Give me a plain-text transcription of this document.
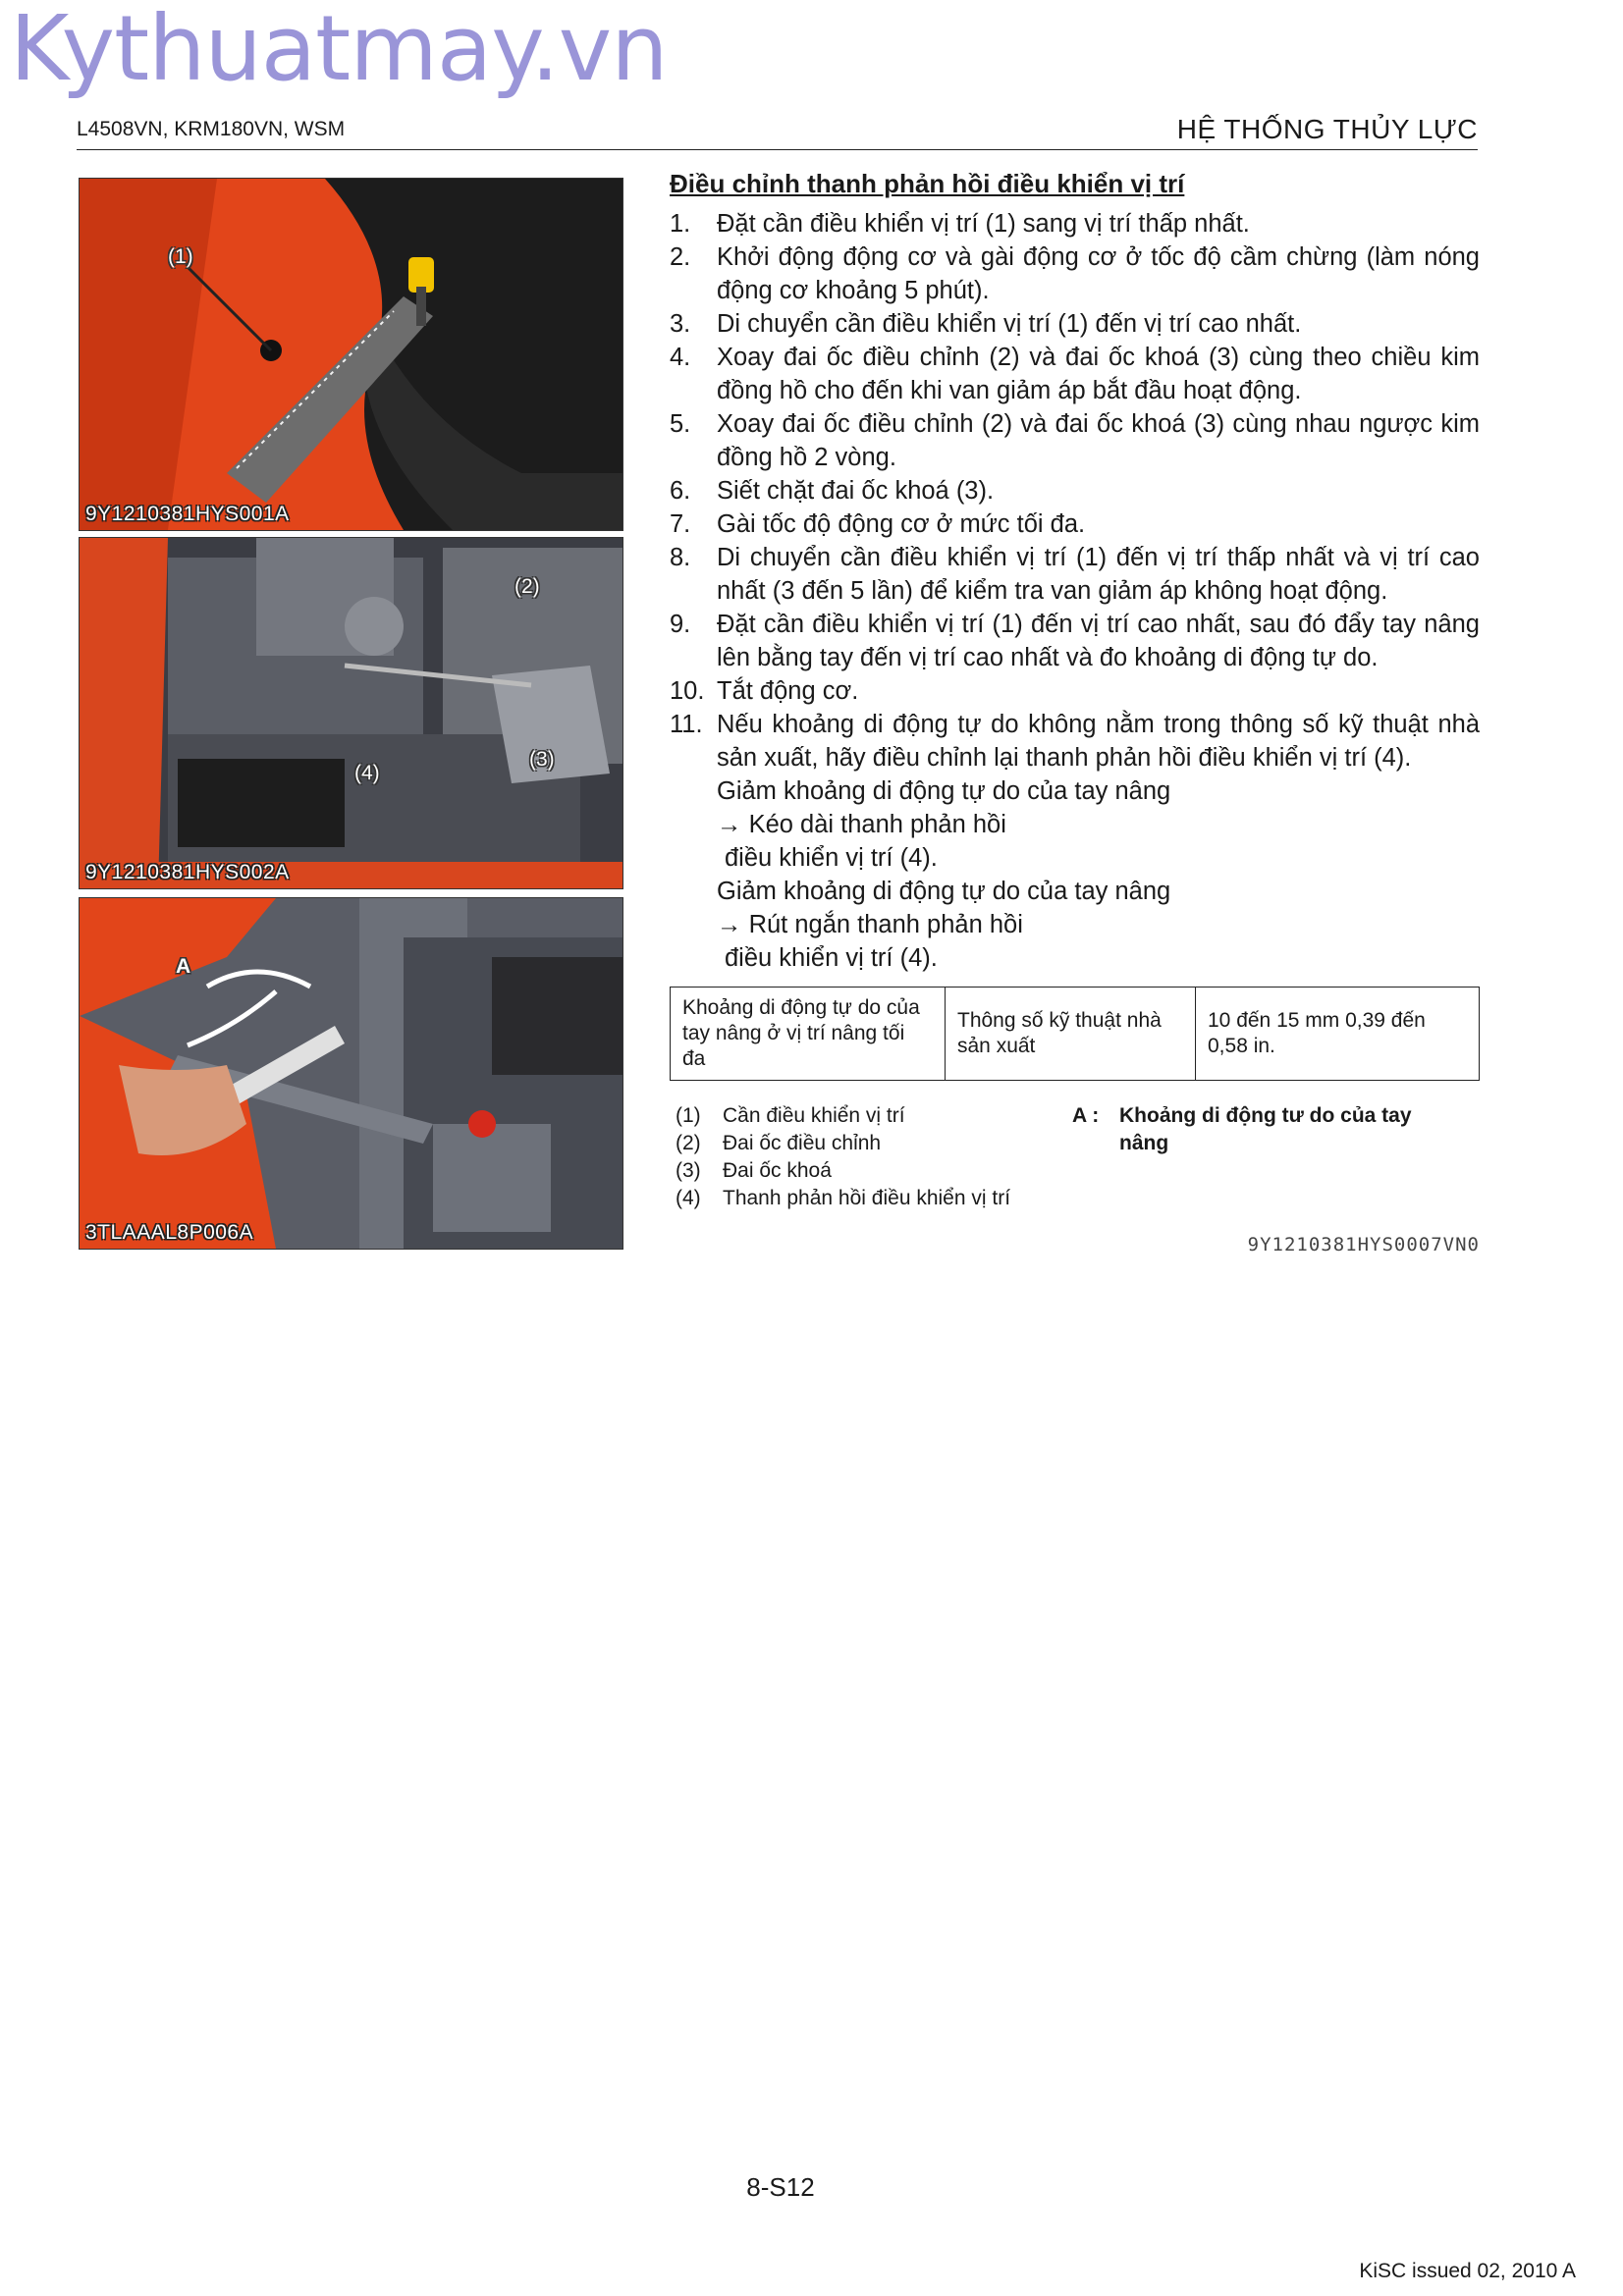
Kythuatmay.vn
L4508VN, KRM180VN, WSM	HỆ THỐNG THỦY LỰC
(1)
9Y1210381HYS001A
(2)
(3)
(4)
9Y1210381HYS002A
A
3TLAAAL8P006A
Điều chỉnh thanh phản hồi điều khiển vị trí
1.	Đặt cần điều khiển vị trí (1) sang vị trí thấp nhất.
2.	Khởi động động cơ và gài động cơ ở tốc độ cầm chừng (làm nóng động cơ khoảng 5 phút).
3.	Di chuyển cần điều khiển vị trí (1) đến vị trí cao nhất.
4.	Xoay đai ốc điều chỉnh (2) và đai ốc khoá (3) cùng theo chiều kim đồng hồ cho đến khi van giảm áp bắt đầu hoạt động.
5.	Xoay đai ốc điều chỉnh (2) và đai ốc khoá (3) cùng nhau ngược kim đồng hồ 2 vòng.
6.	Siết chặt đai ốc khoá (3).
7.	Gài tốc độ động cơ ở mức tối đa.
8.	Di chuyển cần điều khiển vị trí (1) đến vị trí thấp nhất và vị trí cao nhất (3 đến 5 lần) để kiểm tra van giảm áp không hoạt động.
9.	Đặt cần điều khiển vị trí (1) đến vị trí cao nhất, sau đó đẩy tay nâng lên bằng tay đến vị trí cao nhất và đo khoảng di động tự do.
10. Tắt động cơ.
11. Nếu khoảng di động tự do không nằm trong thông số kỹ thuật nhà sản xuất, hãy điều chỉnh lại thanh phản hồi điều khiển vị trí (4).
Giảm khoảng di động tự do của tay nâng
→ Kéo dài thanh phản hồi
điều khiển vị trí (4).
Giảm khoảng di động tự do của tay nâng
→ Rút ngắn thanh phản hồi
điều khiển vị trí (4).
Khoảng di động tự do của tay nâng ở vị trí nâng tối đa	Thông số kỹ thuật nhà sản xuất	10 đến 15 mm 0,39 đến 0,58 in.
(1)	Cần điều khiển vị trí
(2)	Đai ốc điều chỉnh
(3)	Đai ốc khoá
(4)	Thanh phản hồi điều khiển vị trí
A : Khoảng di động tư do của tay nâng
9Y1210381HYS0007VN0
8-S12
KiSC issued 02, 2010 A
